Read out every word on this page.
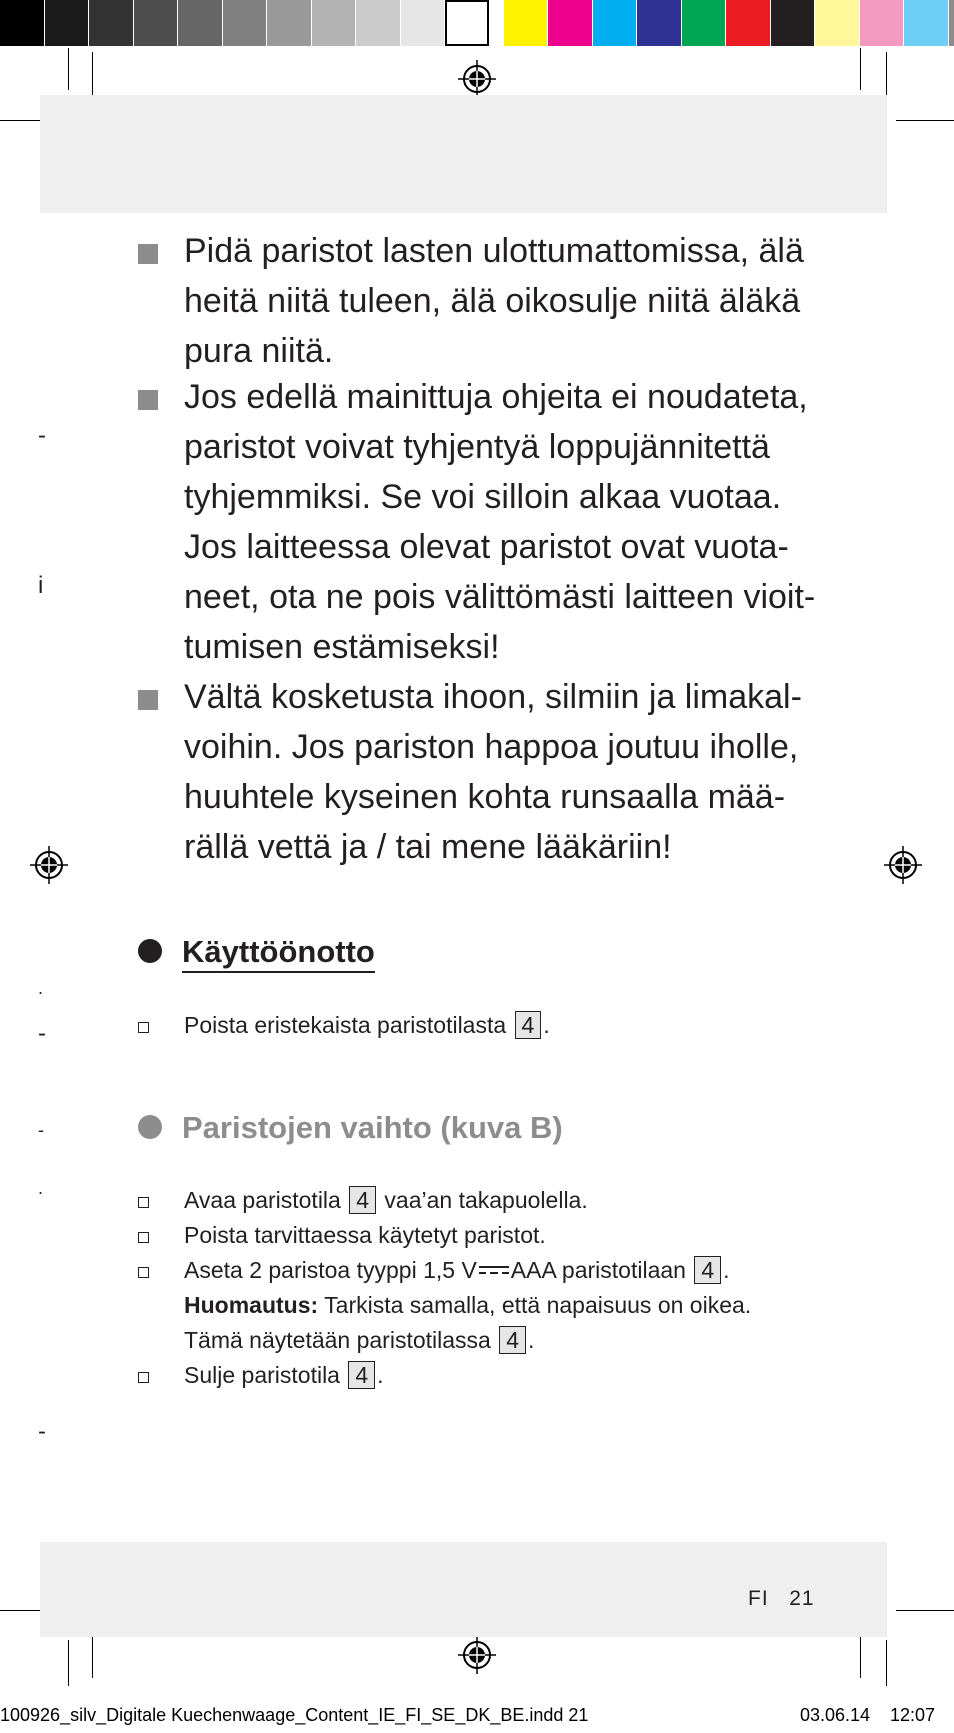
-
i
.
-
-
.
-
Pidä paristot lasten ulottumattomissa, älä
heitä niitä tuleen, älä oikosulje niitä äläkä
pura niitä.
Jos edellä mainittuja ohjeita ei noudateta,
paristot voivat tyhjentyä loppujännitettä
tyhjemmiksi. Se voi silloin alkaa vuotaa.
Jos laitteessa olevat paristot ovat vuota-
neet, ota ne pois välittömästi laitteen vioit-
tumisen estämiseksi!
Vältä kosketusta ihoon, silmiin ja limakal-
voihin. Jos pariston happoa joutuu iholle,
huuhtele kyseinen kohta runsaalla mää-
rällä vettä ja / tai mene lääkäriin!
Käyttöönotto
Poista eristekaista paristotilasta 4 .
Paristojen vaihto (kuva B)
Avaa paristotila 4 vaa’an takapuolella.
Poista tarvittaessa käytetyt paristot.
Aseta 2 paristoa tyyppi 1,5 V AAA paristotilaan 4 .
Huomautus: Tarkista samalla, että napaisuus on oikea.
Tämä näytetään paristotilassa 4 .
Sulje paristotila 4 .
FI 21
100926_silv_Digitale Kuechenwaage_Content_IE_FI_SE_DK_BE.indd 21	03.06.14 12:07
